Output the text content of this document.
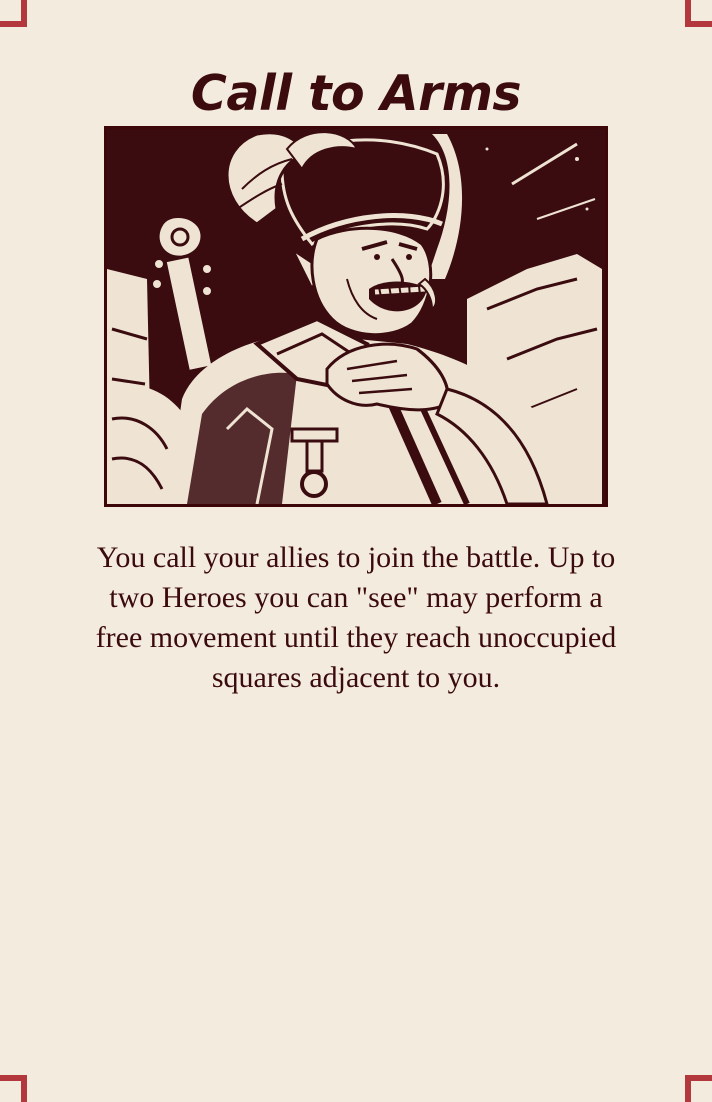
Call to Arms
You call your allies to join the battle. Up to two Heroes you can "see" may perform a free movement until they reach unoccupied squares adjacent to you.
